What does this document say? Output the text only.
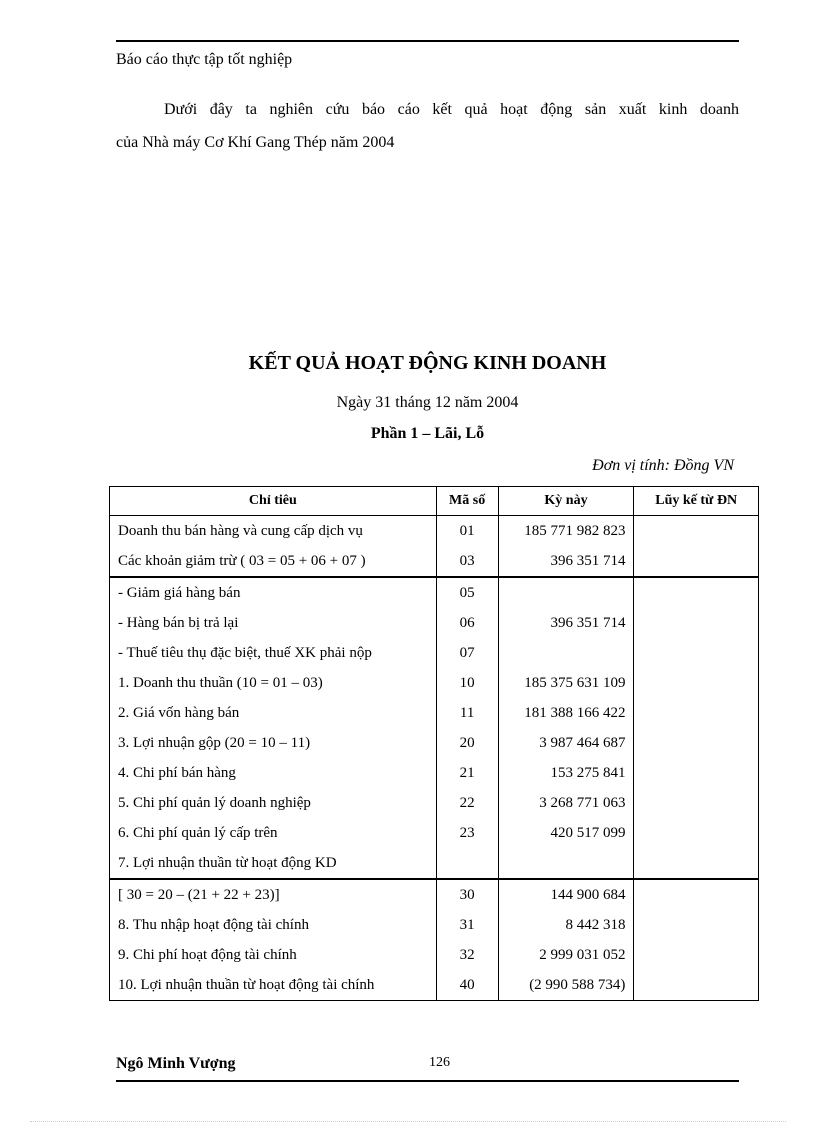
Báo cáo thực tập tốt nghiệp
Dưới đây ta nghiên cứu báo cáo kết quả hoạt động sản xuất kinh doanh
của Nhà máy Cơ Khí Gang Thép năm 2004
KẾT QUẢ HOẠT ĐỘNG KINH DOANH
Ngày 31 tháng 12 năm 2004
Phần 1 – Lãi, Lỗ
Đơn vị tính: Đồng VN
Chỉ tiêu	Mã số	Kỳ này	Lũy kế từ ĐN
Doanh thu bán hàng và cung cấp dịch vụ	01	185 771 982 823	
Các khoản giảm trừ ( 03 = 05 + 06 + 07 )	03	396 351 714	
- Giảm giá hàng bán	05		
- Hàng bán bị trả lại	06	396 351 714	
- Thuế tiêu thụ đặc biệt, thuế XK phải nộp	07		
1. Doanh thu thuần (10 = 01 – 03)	10	185 375 631 109	
2. Giá vốn hàng bán	11	181 388 166 422	
3. Lợi nhuận gộp (20 = 10 – 11)	20	3 987 464 687	
4. Chi phí bán hàng	21	153 275 841	
5. Chi phí quản lý doanh nghiệp	22	3 268 771 063	
6. Chi phí quản lý cấp trên	23	420 517 099	
7. Lợi nhuận thuần từ hoạt động KD			
[ 30 = 20 – (21 + 22 + 23)]	30	144 900 684	
8. Thu nhập hoạt động tài chính	31	8 442 318	
9. Chi phí hoạt động tài chính	32	2 999 031 052	
10. Lợi nhuận thuần từ hoạt động tài chính	40	(2 990 588 734)	
Ngô Minh Vượng	126
